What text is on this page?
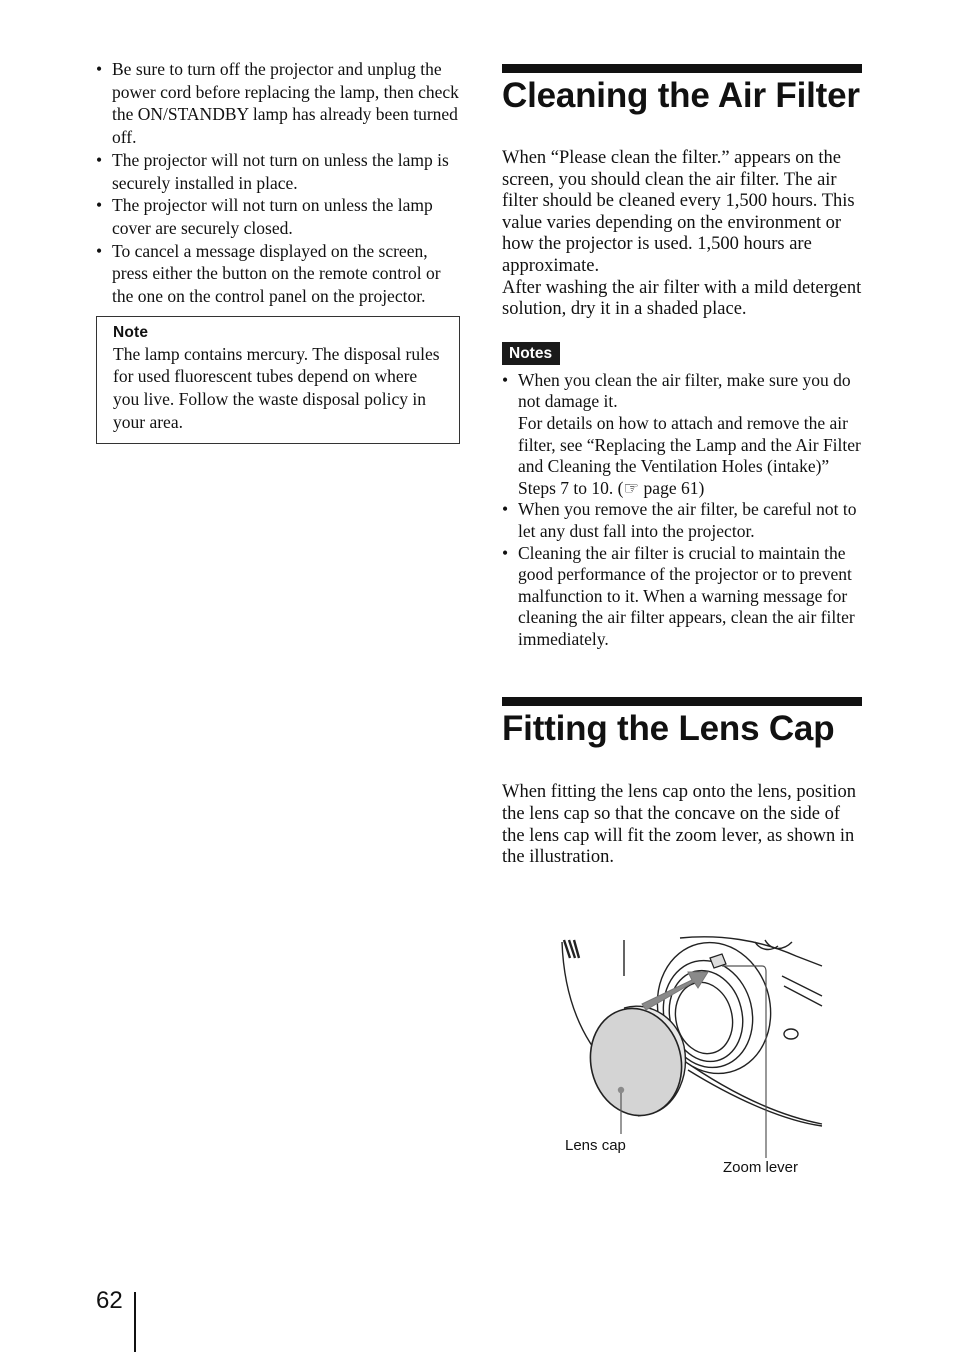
• Be sure to turn off the projector and unplug the power cord before replacing the lamp, then check the ON/STANDBY lamp has already been turned off.
• The projector will not turn on unless the lamp is securely installed in place.
• The projector will not turn on unless the lamp cover are securely closed.
• To cancel a message displayed on the screen, press either the button on the remote control or the one on the control panel on the projector.
Note
The lamp contains mercury. The disposal rules for used fluorescent tubes depend on where you live. Follow the waste disposal policy in your area.
Cleaning the Air Filter
When “Please clean the filter.” appears on the screen, you should clean the air filter. The air filter should be cleaned every 1,500 hours. This value varies depending on the environment or how the projector is used. 1,500 hours are approximate.
After washing the air filter with a mild detergent solution, dry it in a shaded place.
Notes
• When you clean the air filter, make sure you do not damage it.
For details on how to attach and remove the air filter, see “Replacing the Lamp and the Air Filter and Cleaning the Ventilation Holes (intake)” Steps 7 to 10. (☞ page 61)
• When you remove the air filter, be careful not to let any dust fall into the projector.
• Cleaning the air filter is crucial to maintain the good performance of the projector or to prevent malfunction to it. When a warning message for cleaning the air filter appears, clean the air filter immediately.
Fitting the Lens Cap
When fitting the lens cap onto the lens, position the lens cap so that the concave on the side of the lens cap will fit the zoom lever, as shown in the illustration.
Lens cap
Zoom lever
62
